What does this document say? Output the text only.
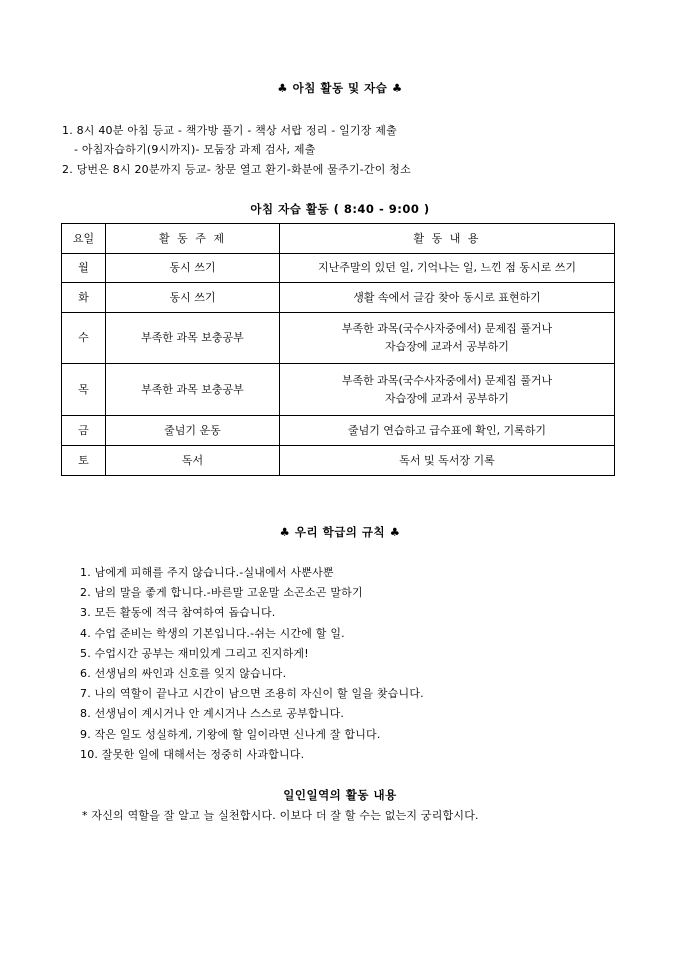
♣ 아침 활동 및 자습 ♣
1. 8시 40분 아침 등교 - 책가방 풀기 - 책상 서랍 정리 - 일기장 제출
- 아침자습하기(9시까지)- 모둠장 과제 검사, 제출
2. 당번은 8시 20분까지 등교- 창문 열고 환기-화분에 물주기-간이 청소
아침 자습 활동 ( 8:40 - 9:00 )
요일	활 동 주 제	활 동 내 용
월	동시 쓰기	지난주말의 있던 일, 기억나는 일, 느낀 점 동시로 쓰기
화	동시 쓰기	생활 속에서 글감 찾아 동시로 표현하기
수	부족한 과목 보충공부	부족한 과목(국수사자중에서) 문제집 풀거나
자습장에 교과서 공부하기

목	부족한 과목 보충공부	부족한 과목(국수사자중에서) 문제집 풀거나
자습장에 교과서 공부하기

금	줄넘기 운동	줄넘기 연습하고 급수표에 확인, 기록하기
토	독서	독서 및 독서장 기록
♣ 우리 학급의 규칙 ♣
1. 남에게 피해를 주지 않습니다.-실내에서 사뿐사뿐
2. 남의 말을 좋게 합니다.-바른말 고운말 소곤소곤 말하기
3. 모든 활동에 적극 참여하여 돕습니다.
4. 수업 준비는 학생의 기본입니다.-쉬는 시간에 할 일.
5. 수업시간 공부는 재미있게 그리고 진지하게!
6. 선생님의 싸인과 신호를 잊지 않습니다.
7. 나의 역할이 끝나고 시간이 남으면 조용히 자신이 할 일을 찾습니다.
8. 선생님이 계시거나 안 계시거나 스스로 공부합니다.
9. 작은 일도 성실하게, 기왕에 할 일이라면 신나게 잘 합니다.
10. 잘못한 일에 대해서는 정중히 사과합니다.
일인일역의 활동 내용
* 자신의 역할을 잘 알고 늘 실천합시다. 이보다 더 잘 할 수는 없는지 궁리합시다.
